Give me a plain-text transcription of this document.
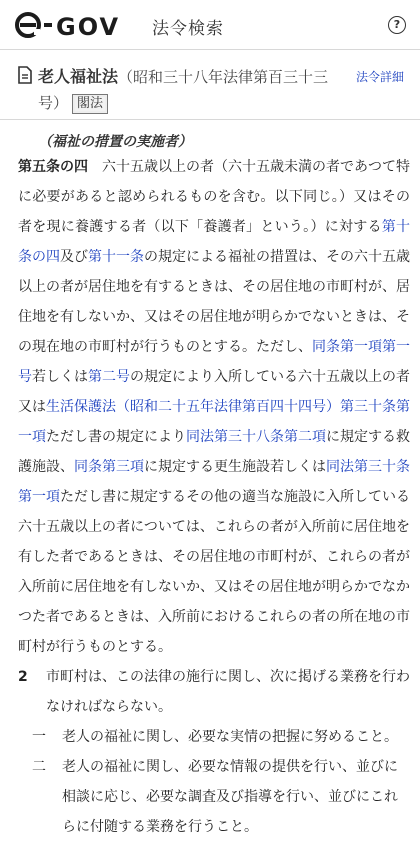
GOV
e-GOV
法令検索	?
老人福祉法（昭和三十八年法律第百三十三号） 閣法
法令詳細
（福祉の措置の実施者）
第五条の四　六十五歳以上の者（六十五歳未満の者であつて特に必要があると認められるものを含む。以下同じ。）又はその者を現に養護する者（以下「養護者」という。）に対する第十条の四及び第十一条の規定による福祉の措置は、その六十五歳以上の者が居住地を有するときは、その居住地の市町村が、居住地を有しないか、又はその居住地が明らかでないときは、その現在地の市町村が行うものとする。ただし、同条第一項第一号若しくは第二号の規定により入所している六十五歳以上の者又は生活保護法（昭和二十五年法律第百四十四号）第三十条第一項ただし書の規定により同法第三十八条第二項に規定する救護施設、同条第三項に規定する更生施設若しくは同法第三十条第一項ただし書に規定するその他の適当な施設に入所している六十五歳以上の者については、これらの者が入所前に居住地を有した者であるときは、その居住地の市町村が、これらの者が入所前に居住地を有しないか、又はその居住地が明らかでなかつた者であるときは、入所前におけるこれらの者の所在地の市町村が行うものとする。
2 市町村は、この法律の施行に関し、次に掲げる業務を行わなければならない。
一 老人の福祉に関し、必要な実情の把握に努めること。
二 老人の福祉に関し、必要な情報の提供を行い、並びに相談に応じ、必要な調査及び指導を行い、並びにこれらに付随する業務を行うこと。
